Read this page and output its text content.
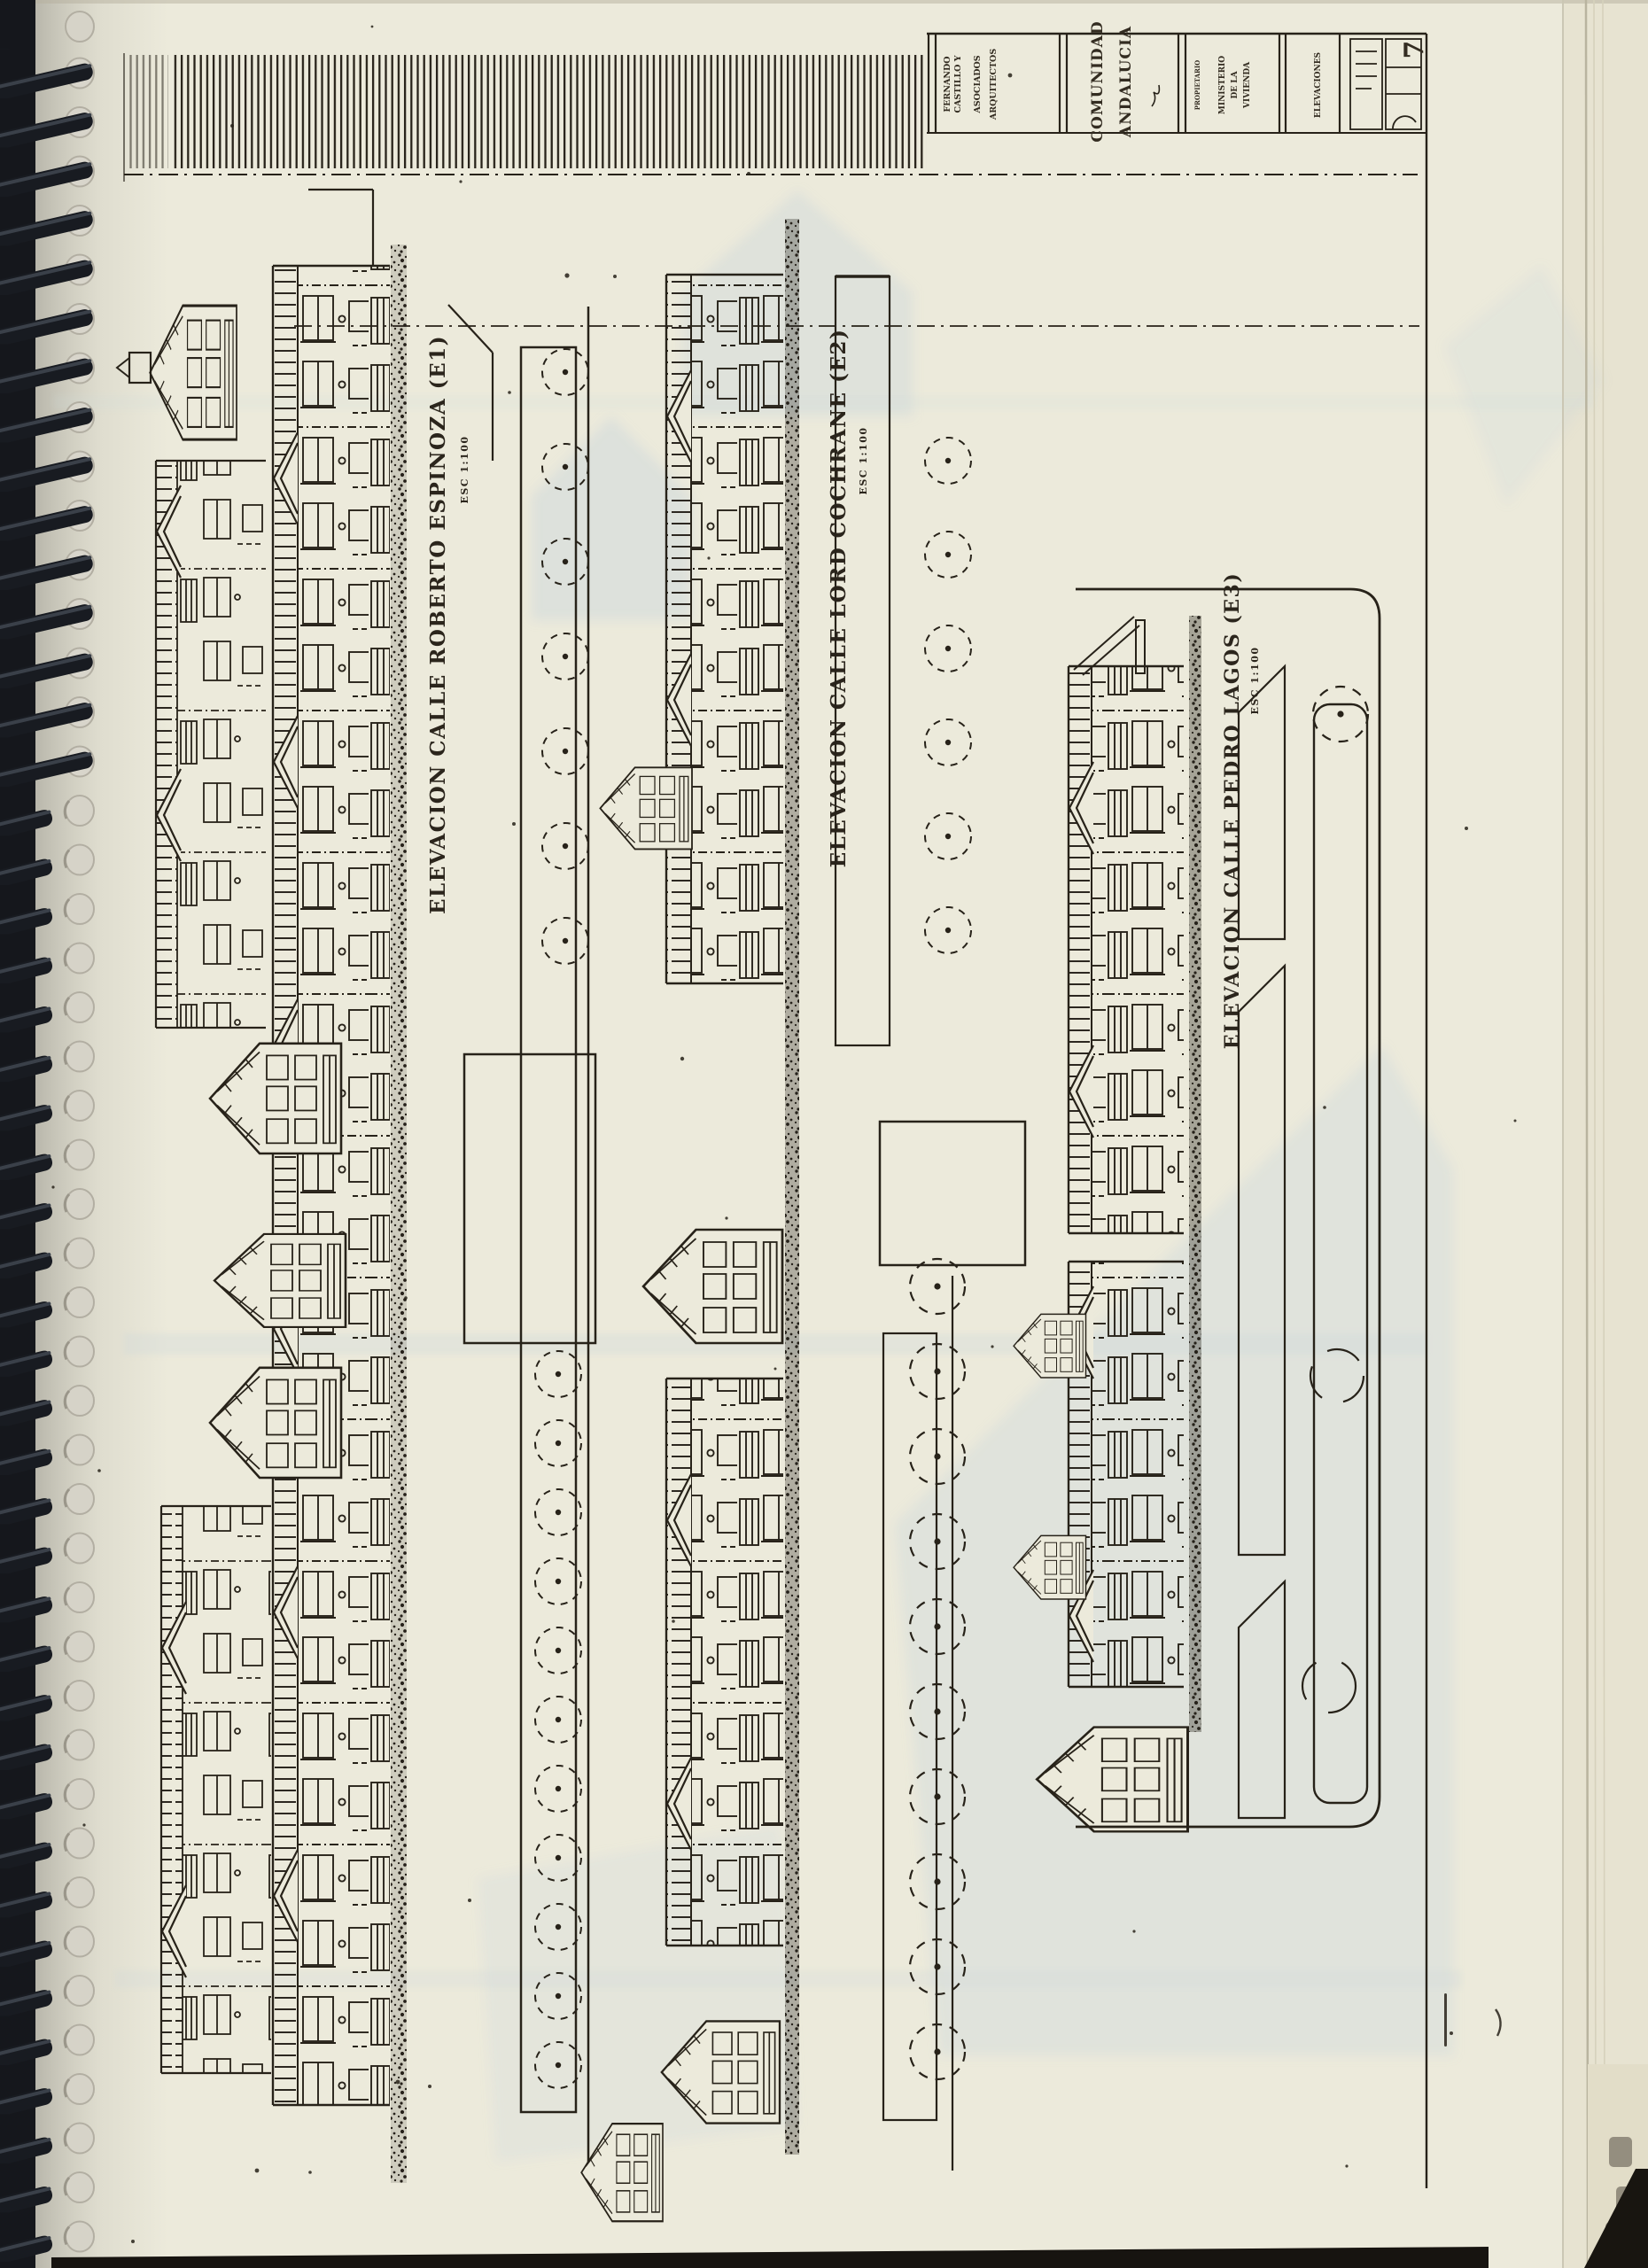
FERNANDO CASTILLO Y ASOCIADOS ARQUITECTOS	COMUNIDAD ANDALUCIA	PROPIETARIO MINISTERIO DE LA VIVIENDA	ELEVACIONES
7
ELEVACION CALLE ROBERTO ESPINOZA (E1) ESC 1:100	ELEVACION CALLE LORD COCHRANE (E2) ESC 1:100
ELEVACION CALLE PEDRO LAGOS (E3) ESC 1:100
